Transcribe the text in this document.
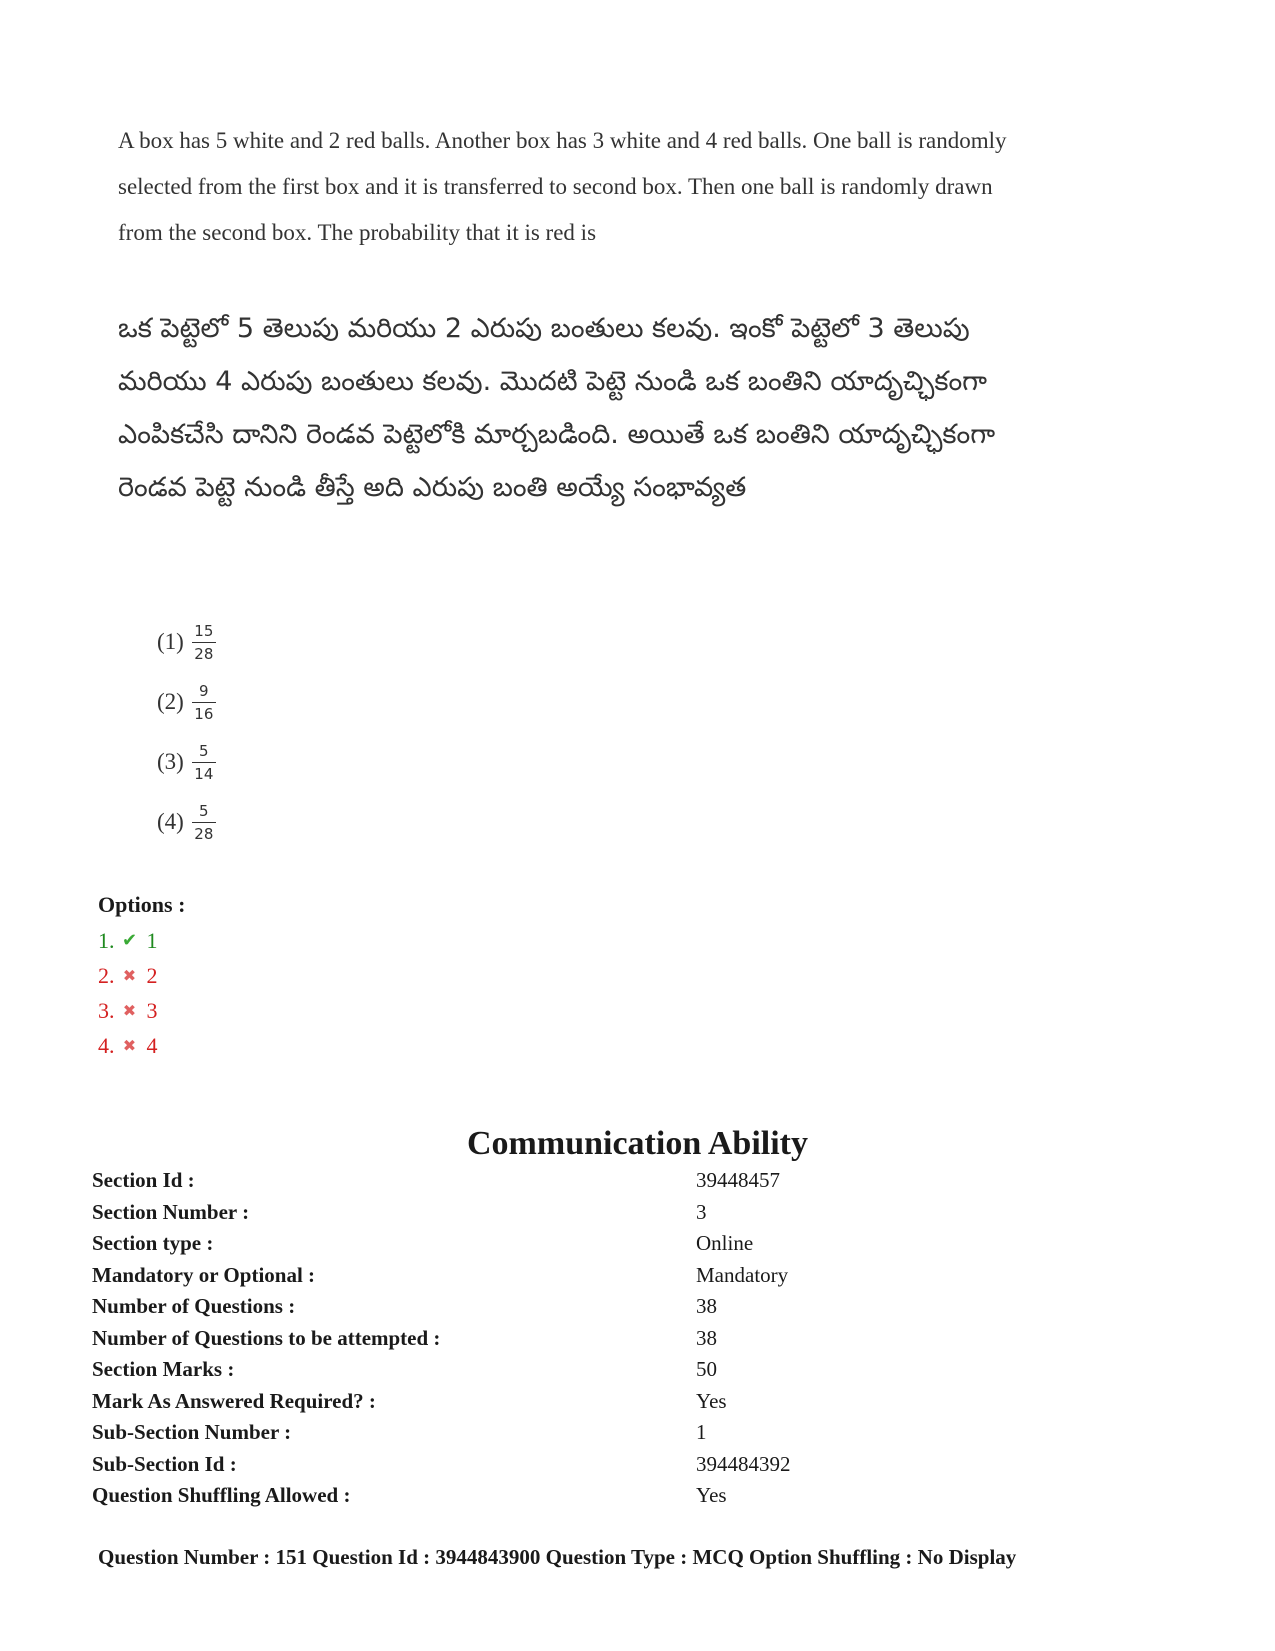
A box has 5 white and 2 red balls. Another box has 3 white and 4 red balls. One ball is randomly selected from the first box and it is transferred to second box. Then one ball is randomly drawn from the second box. The probability that it is red is
ఒక పెట్టెలో 5 తెలుపు మరియు 2 ఎరుపు బంతులు కలవు. ఇంకో పెట్టెలో 3 తెలుపు మరియు 4 ఎరుపు బంతులు కలవు. మొదటి పెట్టె నుండి ఒక బంతిని యాదృచ్ఛికంగా ఎంపికచేసి దానిని రెండవ పెట్టెలోకి మార్చబడింది. అయితే ఒక బంతిని యాదృచ్ఛికంగా రెండవ పెట్టె నుండి తీస్తే అది ఎరుపు బంతి అయ్యే సంభావ్యత
$(1) \frac{15}{28}$
$(2) \frac{9}{16}$
$(3) \frac{5}{14}$
$(4) \frac{5}{28}$
Options :
1. ✔ 1
2. ✖ 2
3. ✖ 3
4. ✖ 4
Communication Ability
Section Id :	39448457
Section Number :	3
Section type :	Online
Mandatory or Optional :	Mandatory
Number of Questions :	38
Number of Questions to be attempted :	38
Section Marks :	50
Mark As Answered Required? :	Yes
Sub-Section Number :	1
Sub-Section Id :	394484392
Question Shuffling Allowed :	Yes
Question Number : 151 Question Id : 3944843900 Question Type : MCQ Option Shuffling : No Display
